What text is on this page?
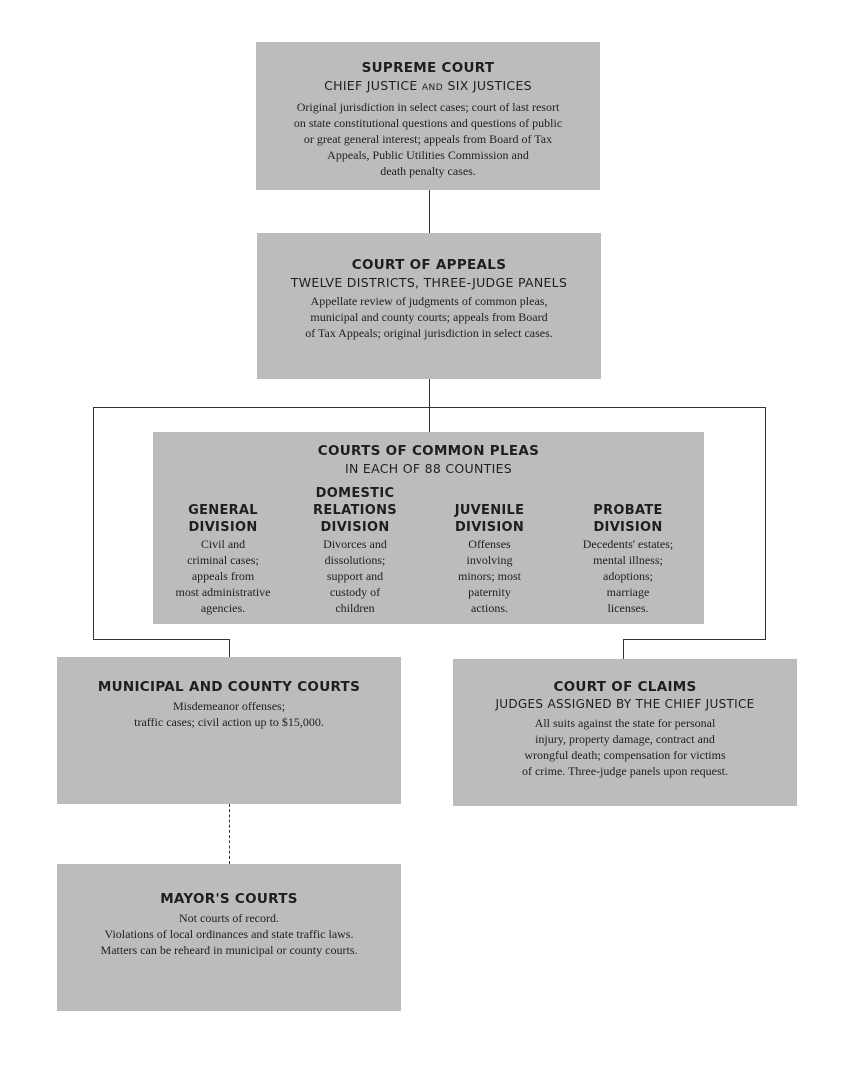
SUPREME COURT
CHIEF JUSTICE AND SIX JUSTICES
Original jurisdiction in select cases; court of last resort
on state constitutional questions and questions of public
or great general interest; appeals from Board of Tax
Appeals, Public Utilities Commission and
death penalty cases.
COURT OF APPEALS
TWELVE DISTRICTS, THREE-JUDGE PANELS
Appellate review of judgments of common pleas,
municipal and county courts; appeals from Board
of Tax Appeals; original jurisdiction in select cases.
COURTS OF COMMON PLEAS
IN EACH OF 88 COUNTIES
GENERAL
DIVISION
Civil and
criminal cases;
appeals from
most administrative
agencies.
DOMESTIC
RELATIONS
DIVISION
Divorces and
dissolutions;
support and
custody of
children
JUVENILE
DIVISION
Offenses
involving
minors; most
paternity
actions.
PROBATE
DIVISION
Decedents' estates;
mental illness;
adoptions;
marriage
licenses.
MUNICIPAL AND COUNTY COURTS
Misdemeanor offenses;
traffic cases; civil action up to $15,000.
COURT OF CLAIMS
JUDGES ASSIGNED BY THE CHIEF JUSTICE
All suits against the state for personal
injury, property damage, contract and
wrongful death; compensation for victims
of crime. Three-judge panels upon request.
MAYOR'S COURTS
Not courts of record.
Violations of local ordinances and state traffic laws.
Matters can be reheard in municipal or county courts.
